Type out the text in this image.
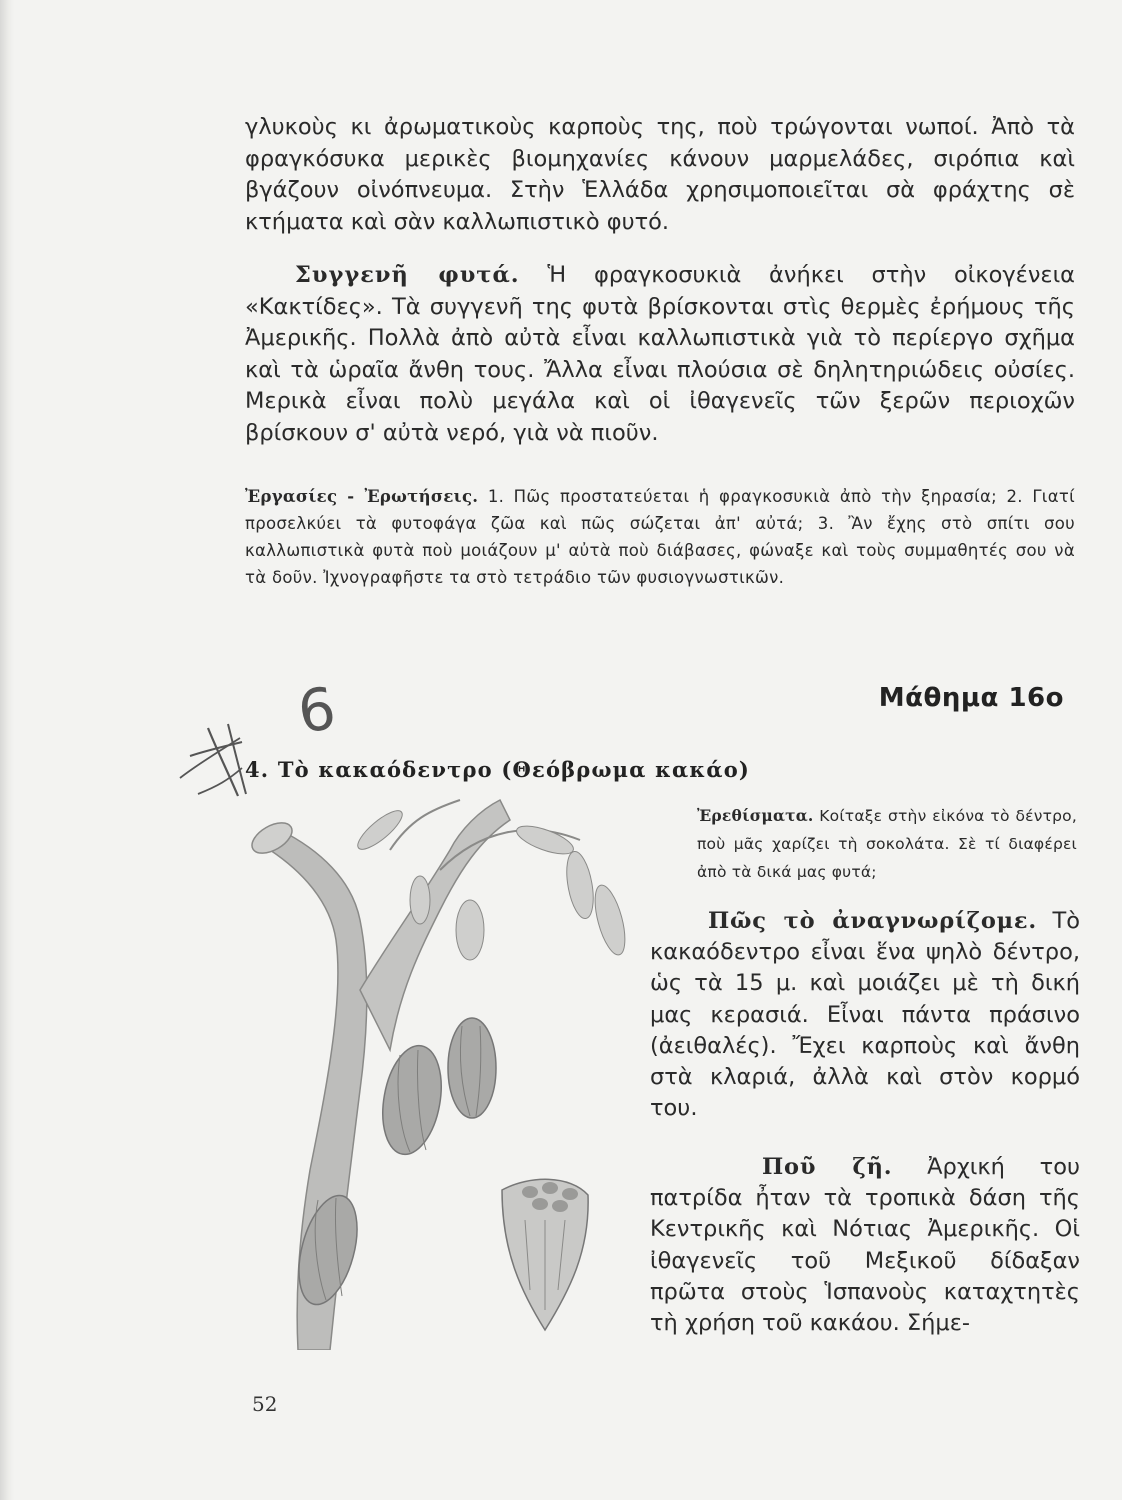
γλυκοὺς κι ἀρωματικοὺς καρποὺς της, ποὺ τρώγονται νωποί. Ἀπὸ τὰ φραγκόσυκα μερικὲς βιομηχανίες κάνουν μαρμελάδες, σιρόπια καὶ βγάζουν οἰνόπνευμα. Στὴν Ἑλλάδα χρησιμοποιεῖται σὰ φράχτης σὲ κτήματα καὶ σὰν καλλωπιστικὸ φυτό.

Συγγενῆ φυτά. Ἡ φραγκοσυκιὰ ἀνήκει στὴν οἰκογένεια «Κακτίδες». Τὰ συγγενῆ της φυτὰ βρίσκονται στὶς θερμὲς ἐρήμους τῆς Ἀμερικῆς. Πολλὰ ἀπὸ αὐτὰ εἶναι καλλωπιστικὰ γιὰ τὸ περίεργο σχῆμα καὶ τὰ ὡραῖα ἄνθη τους. Ἄλλα εἶναι πλούσια σὲ δηλητηριώδεις οὐσίες. Μερικὰ εἶναι πολὺ μεγάλα καὶ οἱ ἰθαγενεῖς τῶν ξερῶν περιοχῶν βρίσκουν σ' αὐτὰ νερό, γιὰ νὰ πιοῦν.

Ἐργασίες - Ἐρωτήσεις. 1. Πῶς προστατεύεται ἡ φραγκοσυκιὰ ἀπὸ τὴν ξηρασία; 2. Γιατί προσελκύει τὰ φυτοφάγα ζῶα καὶ πῶς σώζεται ἀπ' αὐτά; 3. Ἂν ἔχης στὸ σπίτι σου καλλωπιστικὰ φυτὰ ποὺ μοιάζουν μ' αὐτὰ ποὺ διάβασες, φώναξε καὶ τοὺς συμμαθητές σου νὰ τὰ δοῦν. Ἰχνογραφῆστε τα στὸ τετράδιο τῶν φυσιογνωστικῶν.

Μάθημα 16ο
6
4. Τὸ κακαόδεντρο (Θεόβρωμα κακάο)

Ἐρεθίσματα. Κοίταξε στὴν εἰκόνα τὸ δέντρο, ποὺ μᾶς χαρίζει τὴ σοκολάτα. Σὲ τί διαφέρει ἀπὸ τὰ δικά μας φυτά;

Πῶς τὸ ἀναγνωρίζομε. Τὸ κακαόδεντρο εἶναι ἕνα ψηλὸ δέντρο, ὡς τὰ 15 μ. καὶ μοιάζει μὲ τὴ δική μας κερασιά. Εἶναι πάντα πράσινο (ἀειθαλές). Ἔχει καρποὺς καὶ ἄνθη στὰ κλαριά, ἀλλὰ καὶ στὸν κορμό του.

Ποῦ ζῆ. Ἀρχική του πατρίδα ἦταν τὰ τροπικὰ δάση τῆς Κεντρικῆς καὶ Νότιας Ἀμερικῆς. Οἱ ἰθαγενεῖς τοῦ Μεξικοῦ δίδαξαν πρῶτα στοὺς Ἱσπανοὺς καταχτητὲς τὴ χρήση τοῦ κακάου. Σήμε-

52
